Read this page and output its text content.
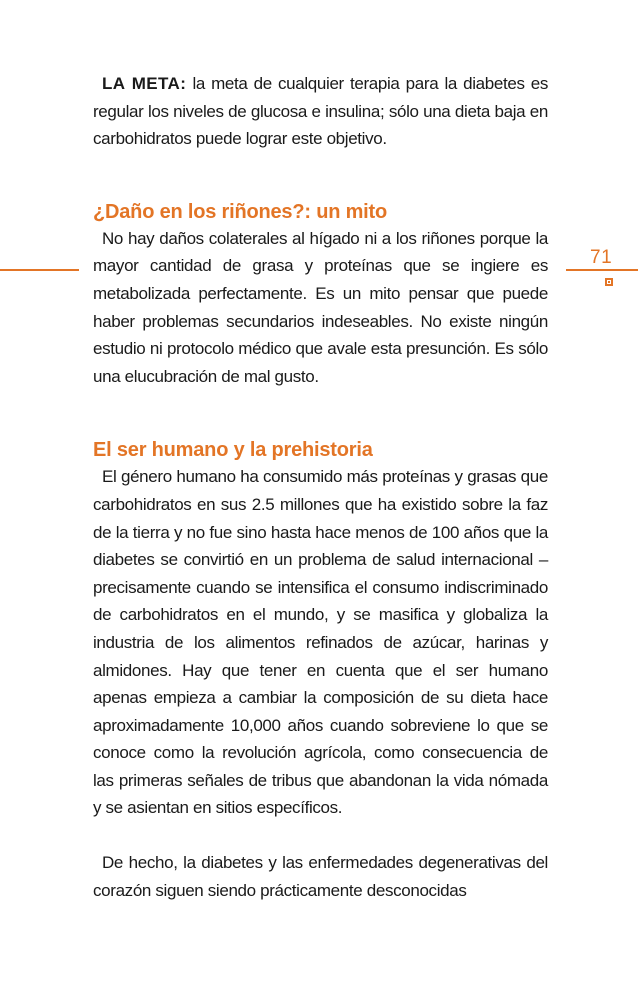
71

LA META: la meta de cualquier terapia para la diabetes es regular los niveles de glucosa e insulina; sólo una dieta baja en carbohidratos puede lograr este objetivo.

¿Daño en los riñones?: un mito

No hay daños colaterales al hígado ni a los riñones porque la mayor cantidad de grasa y proteínas que se ingiere es metabolizada perfectamente. Es un mito pensar que puede haber problemas secundarios indeseables. No existe ningún estudio ni protocolo médico que avale esta presunción. Es sólo una elucubración de mal gusto.

El ser humano y la prehistoria

El género humano ha consumido más proteínas y grasas que carbohidratos en sus 2.5 millones que ha existido sobre la faz de la tierra y no fue sino hasta hace menos de 100 años que la diabetes se convirtió en un problema de salud internacional – precisamente cuando se intensifica el consumo indiscriminado de carbohidratos en el mundo, y se masifica y globaliza la industria de los alimentos refinados de azúcar, harinas y almidones. Hay que tener en cuenta que el ser humano apenas empieza a cambiar la composición de su dieta hace aproximadamente 10,000 años cuando sobreviene lo que se conoce como la revolución agrícola, como consecuencia de las primeras señales de tribus que abandonan la vida nómada y se asientan en sitios específicos.

De hecho, la diabetes y las enfermedades degenerativas del corazón siguen siendo prácticamente desconocidas
